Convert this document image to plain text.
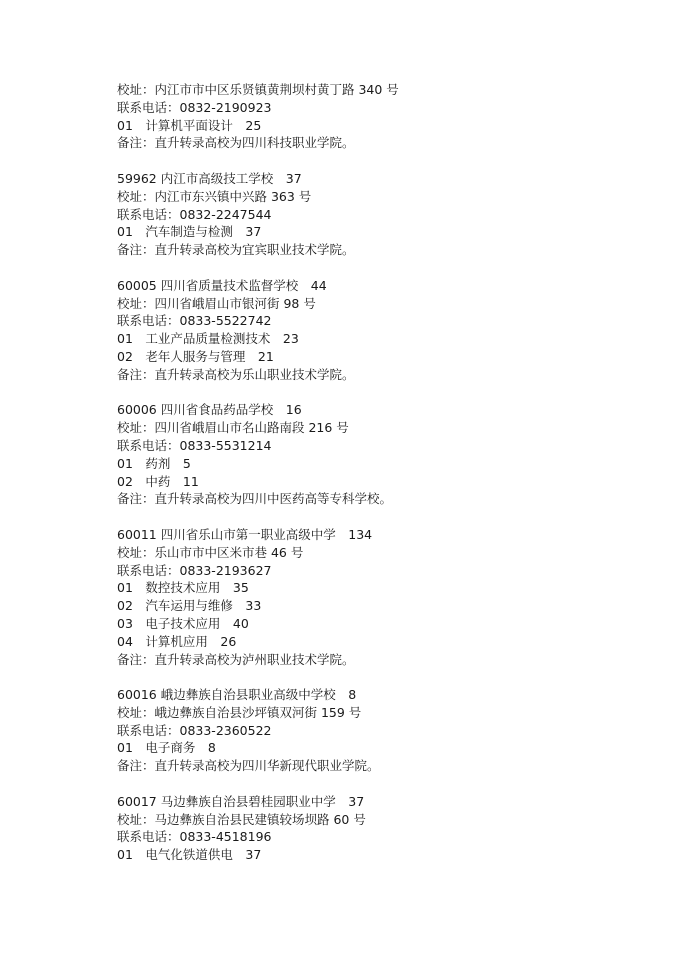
校址：内江市市中区乐贤镇黄荆坝村黄丁路 340 号
联系电话：0832-2190923
01　计算机平面设计　25
备注：直升转录高校为四川科技职业学院。
59962 内江市高级技工学校　37
校址：内江市东兴镇中兴路 363 号
联系电话：0832-2247544
01　汽车制造与检测　37
备注：直升转录高校为宜宾职业技术学院。
60005 四川省质量技术监督学校　44
校址：四川省峨眉山市银河街 98 号
联系电话：0833-5522742
01　工业产品质量检测技术　23
02　老年人服务与管理　21
备注：直升转录高校为乐山职业技术学院。
60006 四川省食品药品学校　16
校址：四川省峨眉山市名山路南段 216 号
联系电话：0833-5531214
01　药剂　5
02　中药　11
备注：直升转录高校为四川中医药高等专科学校。
60011 四川省乐山市第一职业高级中学　134
校址：乐山市市中区米市巷 46 号
联系电话：0833-2193627
01　数控技术应用　35
02　汽车运用与维修　33
03　电子技术应用　40
04　计算机应用　26
备注：直升转录高校为泸州职业技术学院。
60016 峨边彝族自治县职业高级中学校　8
校址：峨边彝族自治县沙坪镇双河街 159 号
联系电话：0833-2360522
01　电子商务　8
备注：直升转录高校为四川华新现代职业学院。
60017 马边彝族自治县碧桂园职业中学　37
校址：马边彝族自治县民建镇较场坝路 60 号
联系电话：0833-4518196
01　电气化铁道供电　37
